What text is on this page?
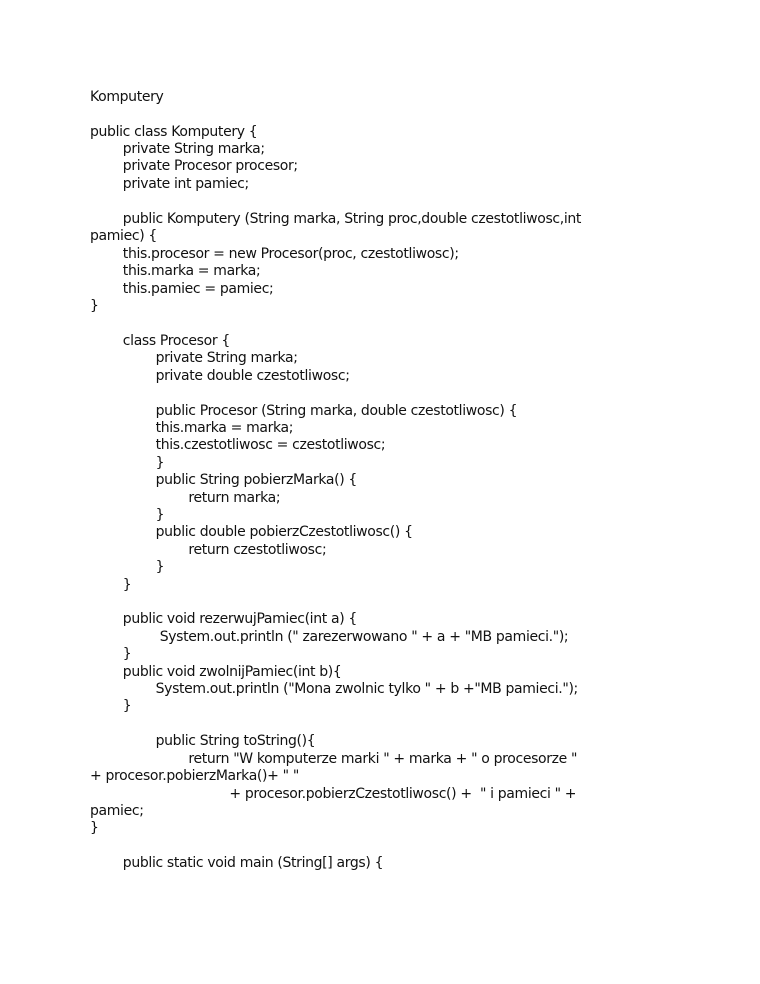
Komputery
public class Komputery {
private String marka;
private Procesor procesor;
private int pamiec;
public Komputery (String marka, String proc,double czestotliwosc,int
pamiec) {
this.procesor = new Procesor(proc, czestotliwosc);
this.marka = marka;
this.pamiec = pamiec;
}
class Procesor {
private String marka;
private double czestotliwosc;
public Procesor (String marka, double czestotliwosc) {
this.marka = marka;
this.czestotliwosc = czestotliwosc;
}
public String pobierzMarka() {
return marka;
}
public double pobierzCzestotliwosc() {
return czestotliwosc;
}
}
public void rezerwujPamiec(int a) {
System.out.println (" zarezerwowano " + a + "MB pamieci.");
}
public void zwolnijPamiec(int b){
System.out.println ("Mona zwolnic tylko " + b +"MB pamieci.");
}
public String toString(){
return "W komputerze marki " + marka + " o procesorze "
+ procesor.pobierzMarka()+ " "
+ procesor.pobierzCzestotliwosc() +  " i pamieci " +
pamiec;
}
public static void main (String[] args) {
